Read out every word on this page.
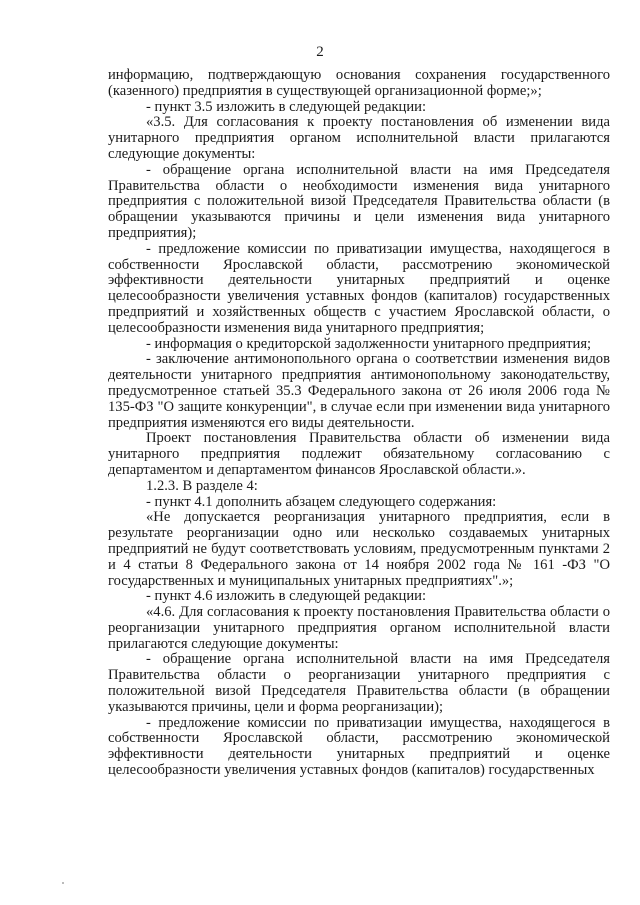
2

информацию, подтверждающую основания сохранения государственного (казенного) предприятия в существующей организационной форме;»;

- пункт 3.5 изложить в следующей редакции:

«3.5. Для согласования к проекту постановления об изменении вида унитарного предприятия органом исполнительной власти прилагаются следующие документы:

- обращение органа исполнительной власти на имя Председателя Правительства области о необходимости изменения вида унитарного предприятия с положительной визой Председателя Правительства области (в обращении указываются причины и цели изменения вида унитарного предприятия);

- предложение комиссии по приватизации имущества, находящегося в собственности Ярославской области, рассмотрению экономической эффективности деятельности унитарных предприятий и оценке целесообразности увеличения уставных фондов (капиталов) государственных предприятий и хозяйственных обществ с участием Ярославской области, о целесообразности изменения вида унитарного предприятия;

- информация о кредиторской задолженности унитарного предприятия;

- заключение антимонопольного органа о соответствии изменения видов деятельности унитарного предприятия антимонопольному законодательству, предусмотренное статьей 35.3 Федерального закона от 26 июля 2006 года № 135-ФЗ "О защите конкуренции", в случае если при изменении вида унитарного предприятия изменяются его виды деятельности.

Проект постановления Правительства области об изменении вида унитарного предприятия подлежит обязательному согласованию с департаментом и департаментом финансов Ярославской области.».

1.2.3. В разделе 4:

- пункт 4.1 дополнить абзацем следующего содержания:

«Не допускается реорганизация унитарного предприятия, если в результате реорганизации одно или несколько создаваемых унитарных предприятий не будут соответствовать условиям, предусмотренным пунктами 2 и 4 статьи 8 Федерального закона от 14 ноября 2002 года № 161 -ФЗ "О государственных и муниципальных унитарных предприятиях".»;

- пункт 4.6 изложить в следующей редакции:

«4.6. Для согласования к проекту постановления Правительства области о реорганизации унитарного предприятия органом исполнительной власти прилагаются следующие документы:

- обращение органа исполнительной власти на имя Председателя Правительства области о реорганизации унитарного предприятия с положительной визой Председателя Правительства области (в обращении указываются причины, цели и форма реорганизации);

- предложение комиссии по приватизации имущества, находящегося в собственности Ярославской области, рассмотрению экономической эффективности деятельности унитарных предприятий и оценке целесообразности увеличения уставных фондов (капиталов) государственных
